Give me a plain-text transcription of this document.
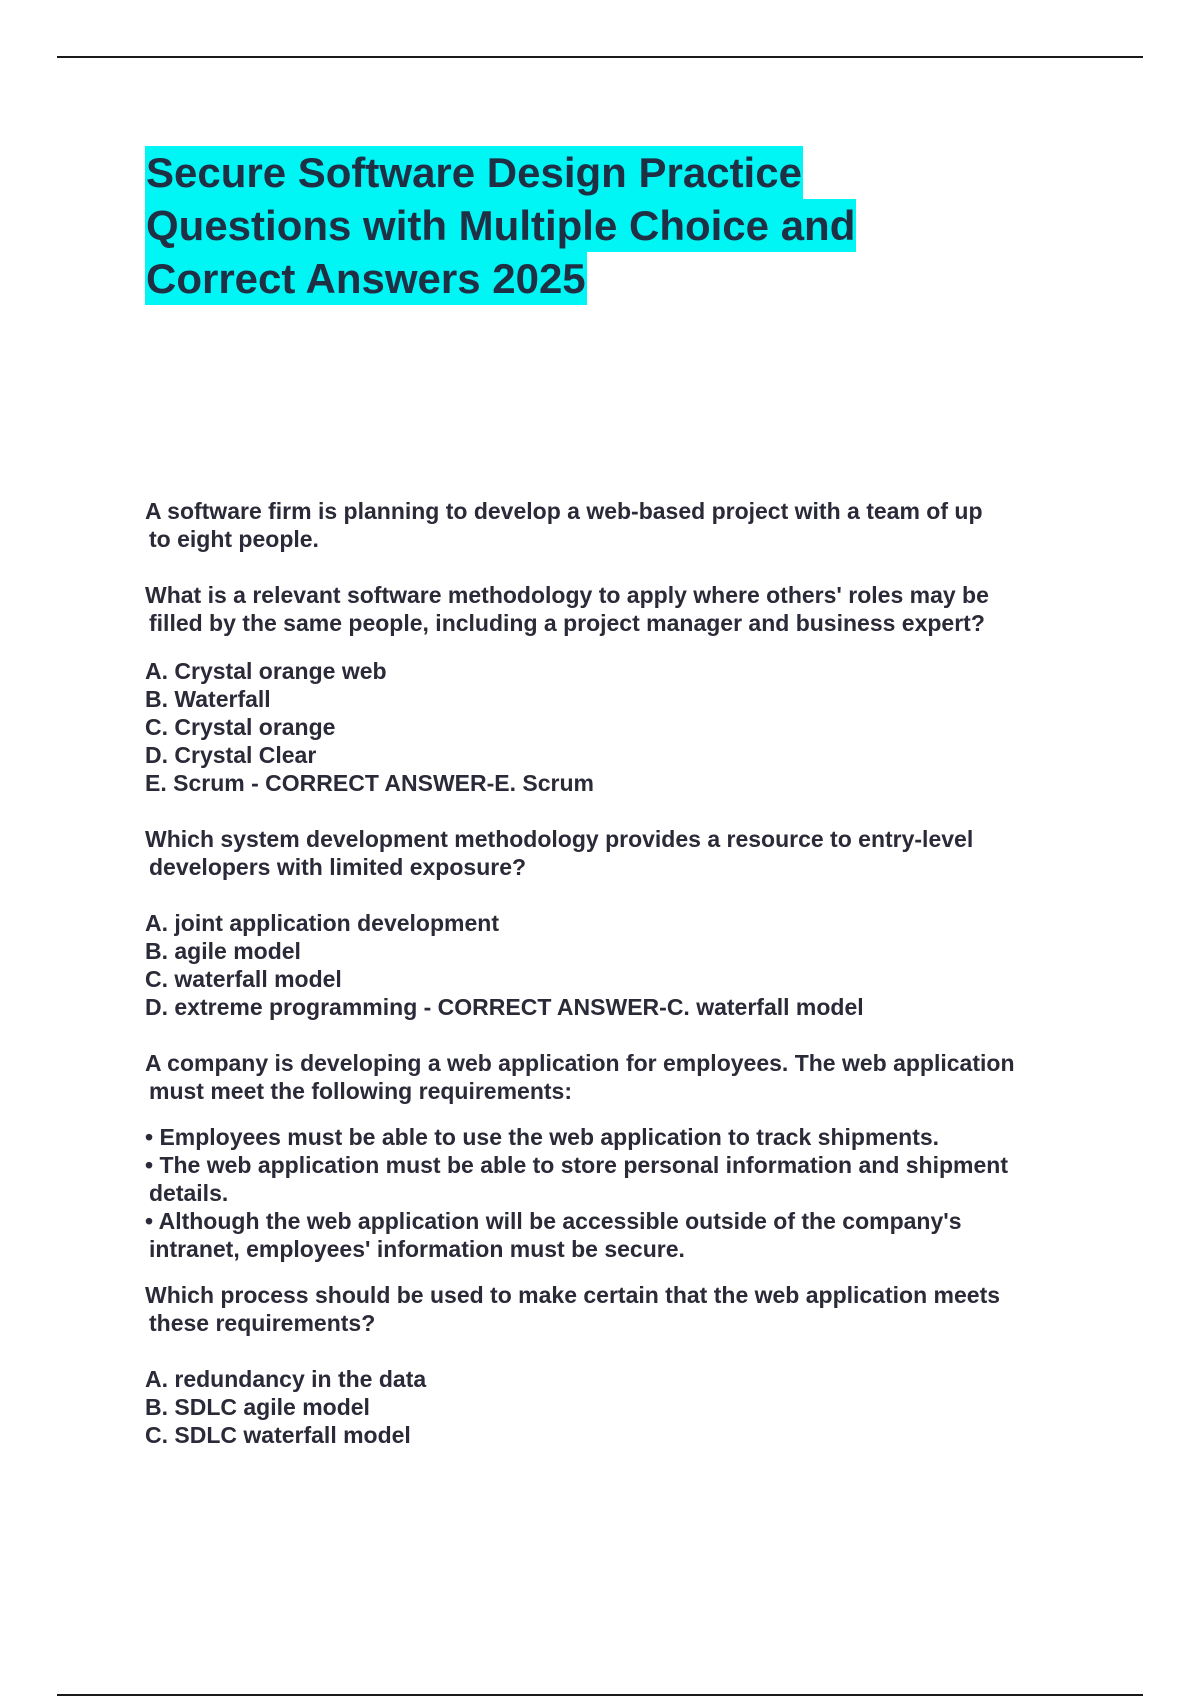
Secure Software Design Practice
Questions with Multiple Choice and
Correct Answers 2025
A software firm is planning to develop a web-based project with a team of up
to eight people.
What is a relevant software methodology to apply where others' roles may be
filled by the same people, including a project manager and business expert?
A. Crystal orange web
B. Waterfall
C. Crystal orange
D. Crystal Clear
E. Scrum - CORRECT ANSWER-E. Scrum
Which system development methodology provides a resource to entry-level
developers with limited exposure?
A. joint application development
B. agile model
C. waterfall model
D. extreme programming - CORRECT ANSWER-C. waterfall model
A company is developing a web application for employees. The web application
must meet the following requirements:
• Employees must be able to use the web application to track shipments.
• The web application must be able to store personal information and shipment
details.
• Although the web application will be accessible outside of the company's
intranet, employees' information must be secure.
Which process should be used to make certain that the web application meets
these requirements?
A. redundancy in the data
B. SDLC agile model
C. SDLC waterfall model
